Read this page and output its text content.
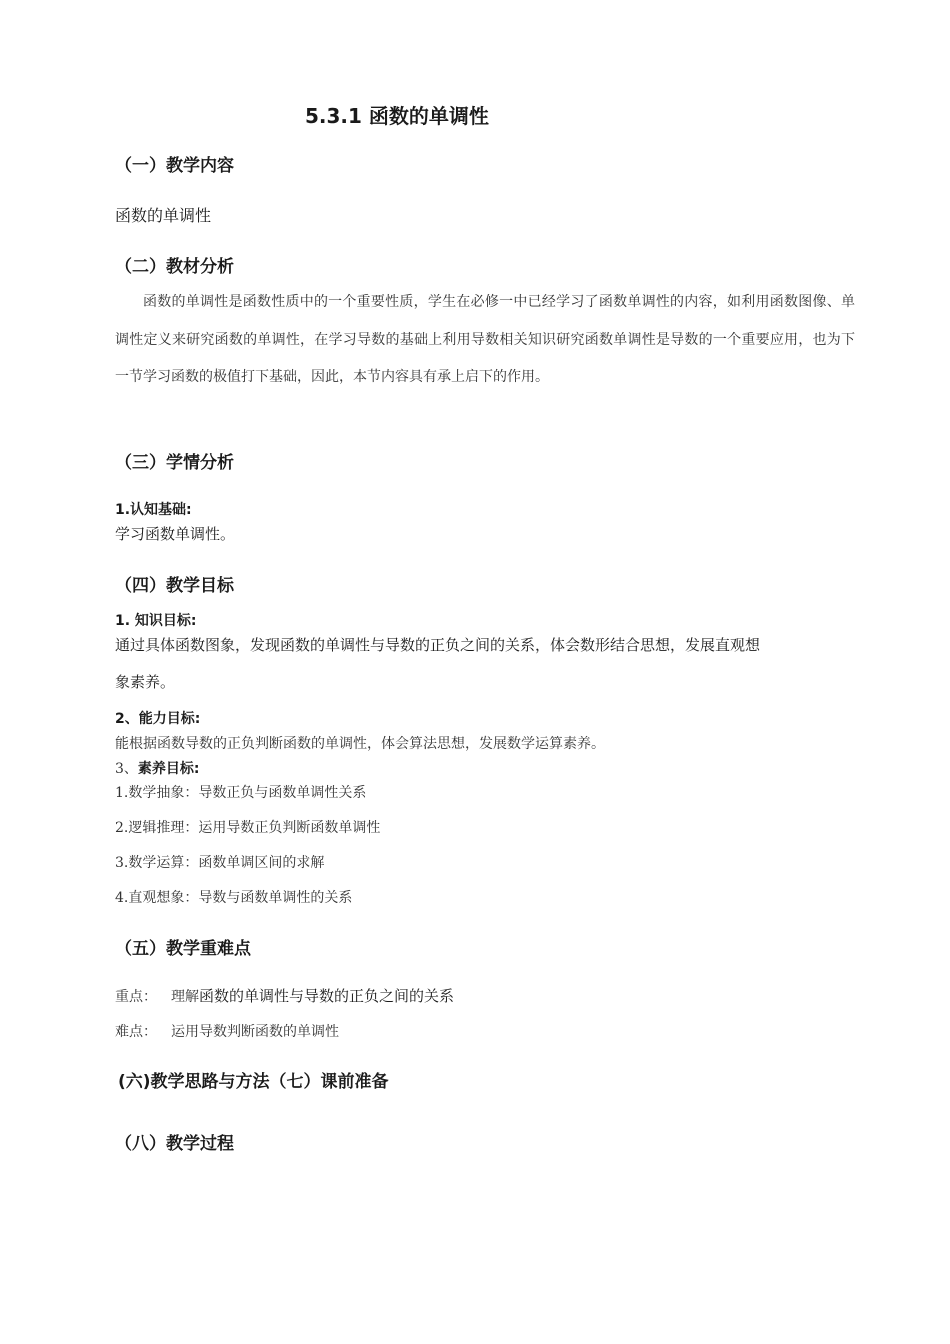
5.3.1 函数的单调性
（一）教学内容
函数的单调性
（二）教材分析
函数的单调性是函数性质中的一个重要性质，学生在必修一中已经学习了函数单调性的内容，如利用函数图像、单调性定义来研究函数的单调性，在学习导数的基础上利用导数相关知识研究函数单调性是导数的一个重要应用，也为下一节学习函数的极值打下基础，因此，本节内容具有承上启下的作用。
（三）学情分析
1.认知基础:
学习函数单调性。
（四）教学目标
1. 知识目标:
通过具体函数图象，发现函数的单调性与导数的正负之间的关系，体会数形结合思想，发展直观想
象素养。
2、能力目标:
能根据函数导数的正负判断函数的单调性，体会算法思想，发展数学运算素养。
3、素养目标:
1.数学抽象：导数正负与函数单调性关系
2.逻辑推理：运用导数正负判断函数单调性
3.数学运算：函数单调区间的求解
4.直观想象：导数与函数单调性的关系
（五）教学重难点
重点： 理解函数的单调性与导数的正负之间的关系
难点： 运用导数判断函数的单调性
(六)教学思路与方法（七）课前准备
（八）教学过程
